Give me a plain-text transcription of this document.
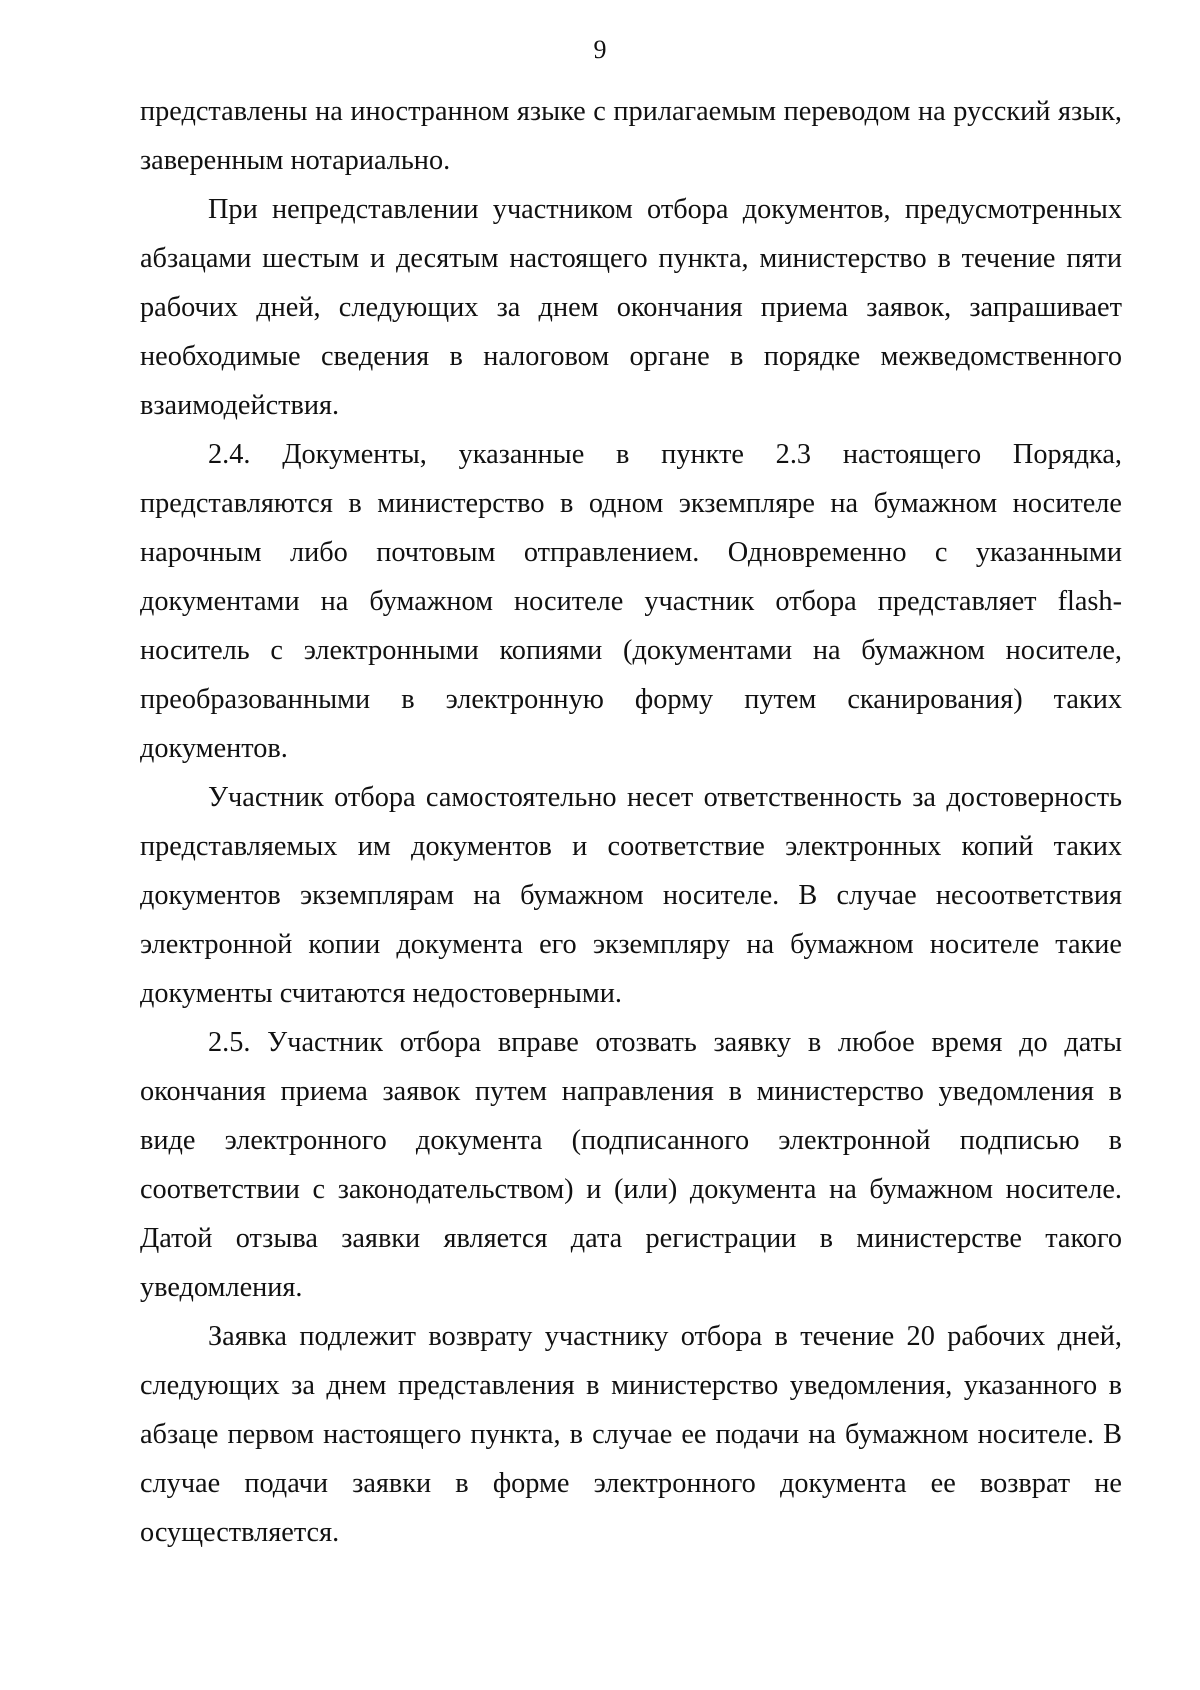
9

представлены на иностранном языке с прилагаемым переводом на русский язык, заверенным нотариально.

При непредставлении участником отбора документов, предусмотренных абзацами шестым и десятым настоящего пункта, министерство в течение пяти рабочих дней, следующих за днем окончания приема заявок, запрашивает необходимые сведения в налоговом органе в порядке межведомственного взаимодействия.

2.4. Документы, указанные в пункте 2.3 настоящего Порядка, представляются в министерство в одном экземпляре на бумажном носителе нарочным либо почтовым отправлением. Одновременно с указанными документами на бумажном носителе участник отбора представляет flash-носитель с электронными копиями (документами на бумажном носителе, преобразованными в электронную форму путем сканирования) таких документов.

Участник отбора самостоятельно несет ответственность за достоверность представляемых им документов и соответствие электронных копий таких документов экземплярам на бумажном носителе. В случае несоответствия электронной копии документа его экземпляру на бумажном носителе такие документы считаются недостоверными.

2.5. Участник отбора вправе отозвать заявку в любое время до даты окончания приема заявок путем направления в министерство уведомления в виде электронного документа (подписанного электронной подписью в соответствии с законодательством) и (или) документа на бумажном носителе. Датой отзыва заявки является дата регистрации в министерстве такого уведомления.

Заявка подлежит возврату участнику отбора в течение 20 рабочих дней, следующих за днем представления в министерство уведомления, указанного в абзаце первом настоящего пункта, в случае ее подачи на бумажном носителе. В случае подачи заявки в форме электронного документа ее возврат не осуществляется.
